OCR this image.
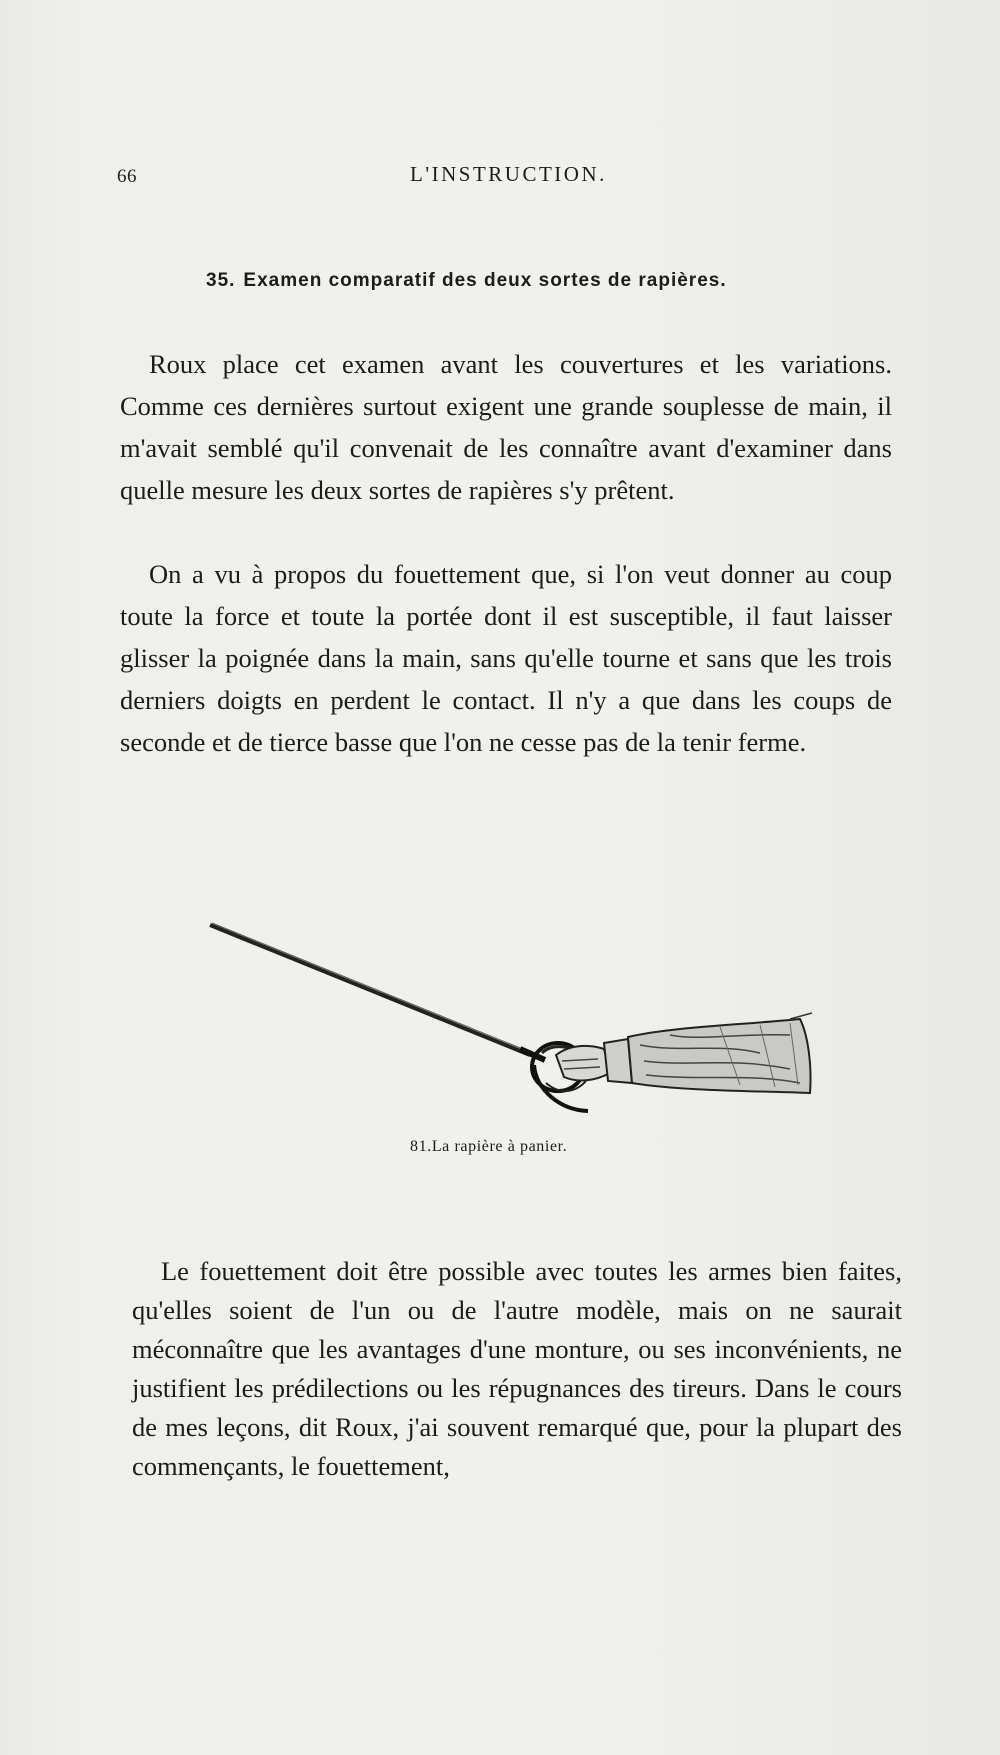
66	L'INSTRUCTION.
35. Examen comparatif des deux sortes de rapières.

Roux place cet examen avant les couvertures et les variations. Comme ces dernières surtout exigent une grande souplesse de main, il m'avait semblé qu'il convenait de les connaître avant d'examiner dans quelle mesure les deux sortes de rapières s'y prêtent.

On a vu à propos du fouettement que, si l'on veut donner au coup toute la force et toute la portée dont il est susceptible, il faut laisser glisser la poignée dans la main, sans qu'elle tourne et sans que les trois derniers doigts en perdent le contact. Il n'y a que dans les coups de seconde et de tierce basse que l'on ne cesse pas de la tenir ferme.

81.La rapière à panier.

Le fouettement doit être possible avec toutes les armes bien faites, qu'elles soient de l'un ou de l'autre modèle, mais on ne saurait méconnaître que les avantages d'une monture, ou ses inconvénients, ne justifient les prédilections ou les répugnances des tireurs. Dans le cours de mes leçons, dit Roux, j'ai souvent remarqué que, pour la plupart des commençants, le fouettement,
